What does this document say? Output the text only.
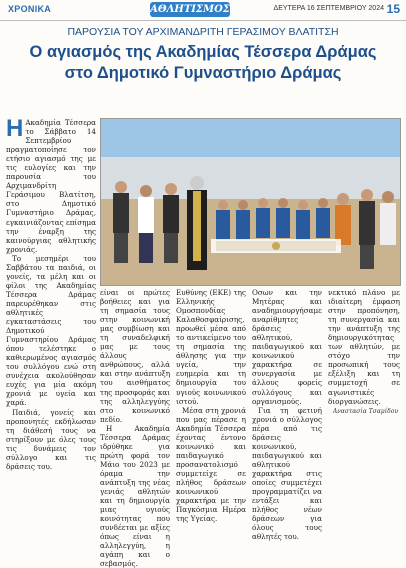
ΧΡΟΝΙΚΑ	ΑΘΛΗΤΙΣΜΟΣ	ΔΕΥΤΕΡΑ 16 ΣΕΠΤΕΜΒΡΙΟΥ 2024 15
ΠΑΡΟΥΣΙΑ ΤΟΥ ΑΡΧΙΜΑΝΔΡΙΤΗ ΓΕΡΑΣΙΜΟΥ ΒΛΑΤΙΤΣΗ
Ο αγιασμός της Ακαδημίας Τέσσερα Δράμας
στο Δημοτικό Γυμναστήριο Δράμας
Η Ακαδημία Τέσσερα το Σάββατο 14 Σεπτεμβρίου πραγματοποίησε τον ετήσιο αγιασμό της με τις ευλογίες και την παρουσία του Αρχιμανδρίτη Γεράσιμου Βλατίτση, στο Δημοτικό Γυμναστήριο Δράμας, εγκαινιάζοντας επίσημα την έναρξη της καινούργιας αθλητικής χρονιάς.

Το μεσημέρι του Σαββάτου τα παιδιά, οι γονείς, τα μέλη και οι φίλοι της Ακαδημίας Τέσσερα Δράμας παρευρέθηκαν στις αθλητικές εγκαταστάσεις του Δημοτικού Γυμναστηρίου Δράμας όπου τελέστηκε ο καθιερωμένος αγιασμός του συλλόγου ενώ στη συνέχεια ακολούθησαν ευχές για μία ακόμη χρονιά με υγεία και χαρά.

Παιδιά, γονείς και προπονητές εκδήλωσαν τη διάθεσή τους να στηρίξουν με όλες τους τις δυνάμεις τον σύλλογο και τις δράσεις του.

είναι οι πρώτες βοήθειες και για τη σημασία τους στην κοινωνική μας συμβίωση και τη συναδελφική μας με τους άλλους ανθρώπους, αλλά και στην ανάπτυξη του αισθήματος της προσφοράς και της αλληλεγγύης στο κοινωνικό πεδίο.

Η Ακαδημία Τέσσερα Δράμας ιδρύθηκε για πρώτη φορά τον Μάιο του 2023 με όραμα την ανάπτυξη της νέας γενιάς αθλητών και τη δημιουργία μιας υγιούς κοινότητας που συνδέεται με αξίες όπως είναι η αλληλεγγύη, η αγάπη και ο σεβασμός.

Ευθύνης (ΕΚΕ) της Ελληνικής Ομοσπονδίας Καλαθοσφαίρισης, προωθεί μέσα από το αντικείμενο του τη σημασία της άθλησης για την υγεία, την ευημερία και τη δημιουργία του υγιούς κοινωνικού ιστού.

Μέσα στη χρονιά που μας πέρασε η Ακαδημία Τέσσερα έχοντας έντονο κοινωνικό και παιδαγωγικό προσανατολισμό συμμετείχε σε πλήθος δράσεων κοινωνικού χαρακτήρα με την Παγκόσμια Ημέρα της Υγείας.

Οσων και την Μητέρας και αναδημιουργήσαμε αναρίθμητες δράσεις αθλητικού, παιδαγωγικού και κοινωνικού χαρακτήρα σε συνεργασία με άλλους φορείς συλλόγους και οργανισμούς.

Για τη φετινή χρονιά ο σύλλογος πέρα από τις δράσεις κοινωνικού, παιδαγωγικού και αθλητικού χαρακτήρα στις οποίες συμμετέχει προγραμματίζει να εντάξει και πλήθος νέων δράσεων για όλους τους αθλητές του.

νεκτικό πλάνο με ιδιαίτερη έμφαση στην προπόνηση, τη συνεργασία και την ανάπτυξη της δημιουργικότητας των αθλητών, με στόχο την προσωπική τους εξέλιξη και τη συμμετοχή σε αγωνιστικές διοργανώσεις.

Αναστασία Τσαμίδου
